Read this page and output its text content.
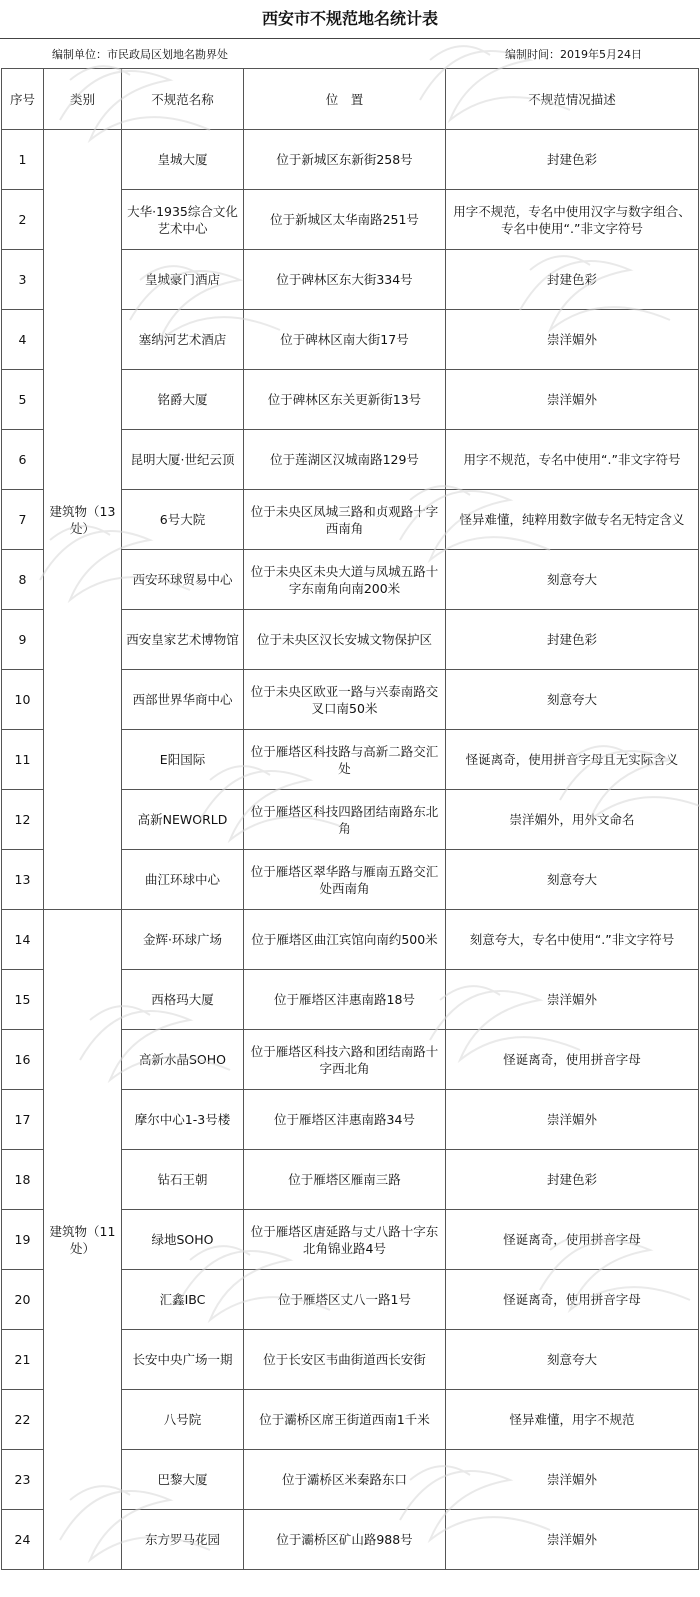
西安市不规范地名统计表
编制单位：市民政局区划地名勘界处	编制时间：2019年5月24日
序号	类别	不规范名称	位　置	不规范情况描述
1	建筑物（13处）	皇城大厦	位于新城区东新街258号	封建色彩
2		大华·1935综合文化艺术中心	位于新城区太华南路251号	用字不规范，专名中使用汉字与数字组合、专名中使用“.”非文字符号
3		皇城豪门酒店	位于碑林区东大街334号	封建色彩
4		塞纳河艺术酒店	位于碑林区南大街17号	崇洋媚外
5		铭爵大厦	位于碑林区东关更新街13号	崇洋媚外
6		昆明大厦·世纪云顶	位于莲湖区汉城南路129号	用字不规范，专名中使用“.”非文字符号
7		6号大院	位于未央区凤城三路和贞观路十字西南角	怪异难懂，纯粹用数字做专名无特定含义
8		西安环球贸易中心	位于未央区未央大道与凤城五路十字东南角向南200米	刻意夸大
9		西安皇家艺术博物馆	位于未央区汉长安城文物保护区	封建色彩
10		西部世界华商中心	位于未央区欧亚一路与兴泰南路交叉口南50米	刻意夸大
11		E阳国际	位于雁塔区科技路与高新二路交汇处	怪诞离奇，使用拼音字母且无实际含义
12		高新NEWORLD	位于雁塔区科技四路团结南路东北角	崇洋媚外，用外文命名
13		曲江环球中心	位于雁塔区翠华路与雁南五路交汇处西南角	刻意夸大
14	建筑物（11处）	金辉·环球广场	位于雁塔区曲江宾馆向南约500米	刻意夸大，专名中使用“.”非文字符号
15		西格玛大厦	位于雁塔区沣惠南路18号	崇洋媚外
16		高新水晶SOHO	位于雁塔区科技六路和团结南路十字西北角	怪诞离奇，使用拼音字母
17		摩尔中心1-3号楼	位于雁塔区沣惠南路34号	崇洋媚外
18		钻石王朝	位于雁塔区雁南三路	封建色彩
19		绿地SOHO	位于雁塔区唐延路与丈八路十字东北角锦业路4号	怪诞离奇，使用拼音字母
20		汇鑫IBC	位于雁塔区丈八一路1号	怪诞离奇，使用拼音字母
21		长安中央广场一期	位于长安区韦曲街道西长安街	刻意夸大
22		八号院	位于灞桥区席王街道西南1千米	怪异难懂，用字不规范
23		巴黎大厦	位于灞桥区米秦路东口	崇洋媚外
24		东方罗马花园	位于灞桥区矿山路988号	崇洋媚外
